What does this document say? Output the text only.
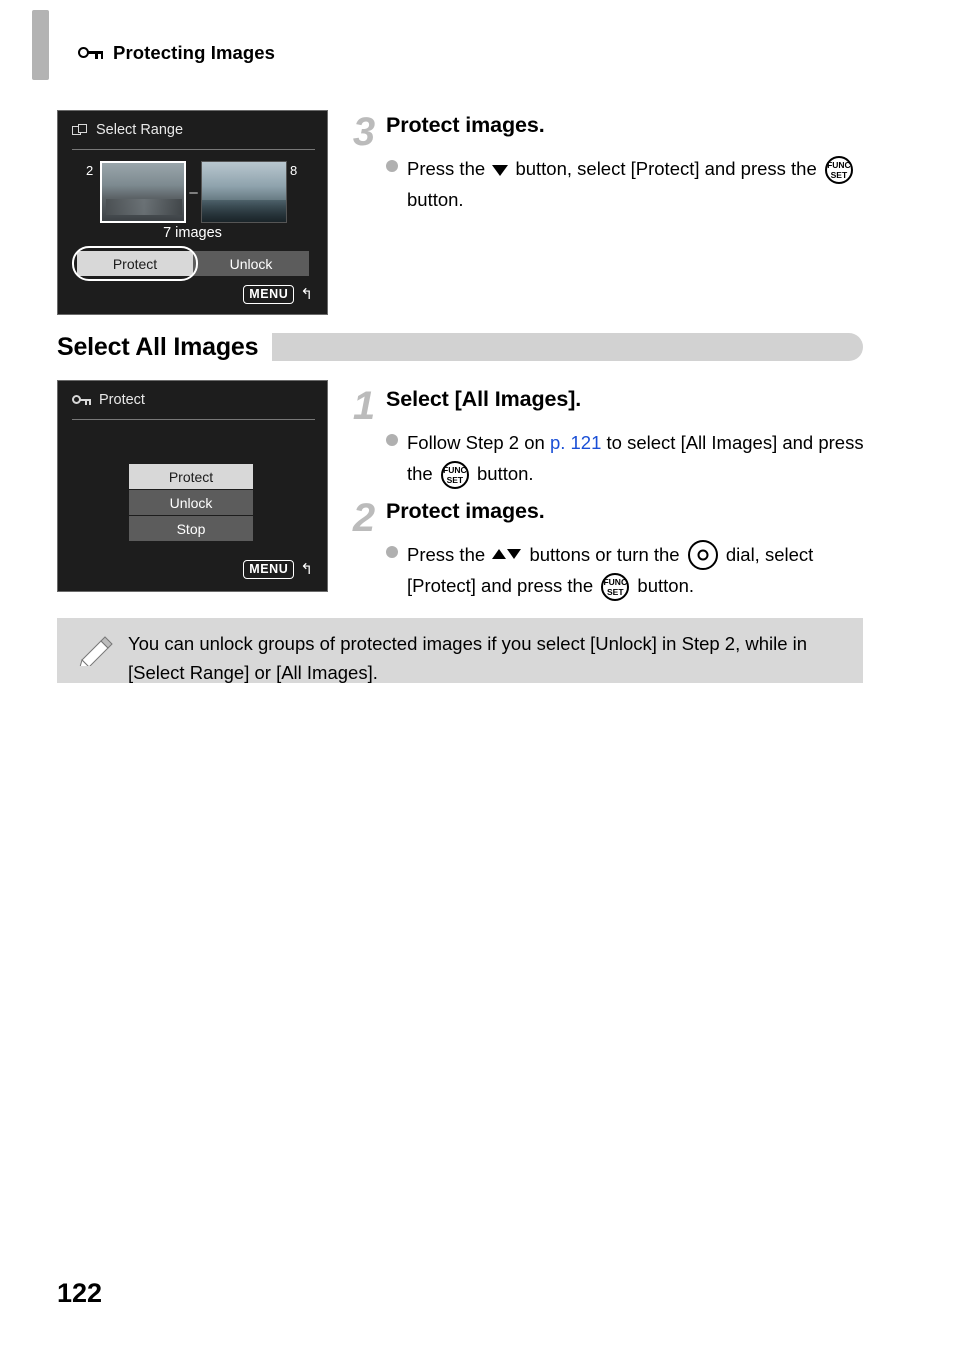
Protecting Images
Select Range
2	8
–
7 images
Protect	Unlock
MENU ↰
Select All Images
Protect
Protect
Unlock
Stop
MENU ↰
3 Protect images.
Press the button, select [Protect] and press the FUNC
SET
button.
1 Select [All Images].
Follow Step 2 on p. 121 to select [All Images] and press the FUNC
SET button.
2 Protect images.
Press the buttons or turn the	dial, select [Protect] and press the FUNC
SET button.
You can unlock groups of protected images if you select [Unlock] in Step 2, while in [Select Range] or [All Images].
122
